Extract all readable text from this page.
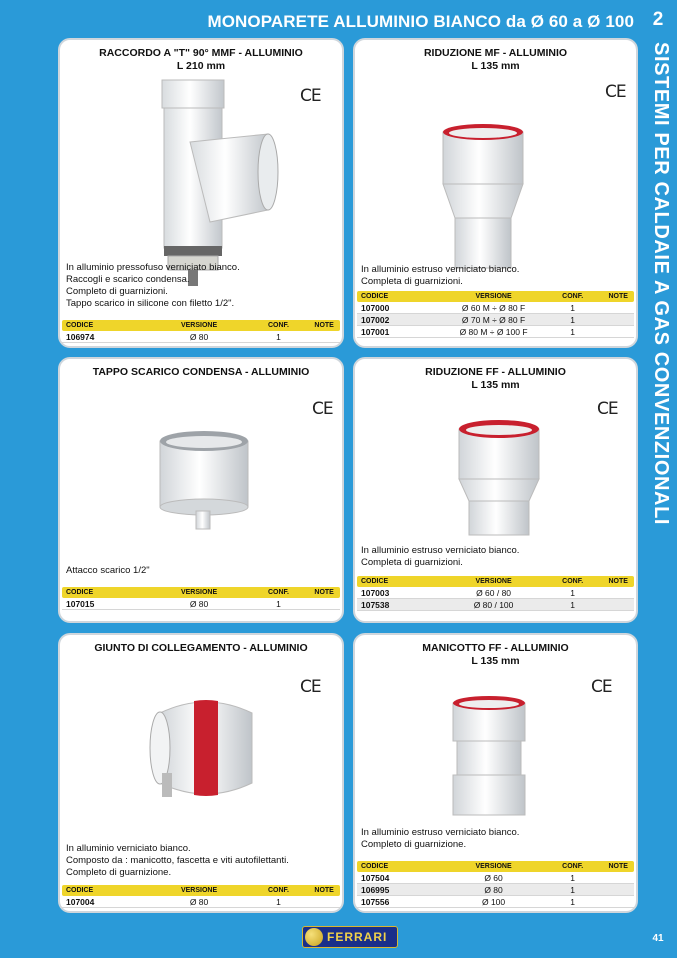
MONOPARETE ALLUMINIO BIANCO da Ø 60 a Ø 100 2
SISTEMI PER CALDAIE A GAS CONVENZIONALI
RACCORDO A "T" 90° MMF - ALLUMINIO
L 210 mm
CE
In alluminio pressofuso verniciato bianco.
Raccogli e scarico condensa.
Completo di guarnizioni.
Tappo scarico in silicone con filetto 1/2".
CODICE	VERSIONE	CONF.	NOTE
106974	Ø 80	1
RIDUZIONE MF - ALLUMINIO
L 135 mm
CE
In alluminio estruso verniciato bianco.
Completa di guarnizioni.
CODICE	VERSIONE	CONF.	NOTE
107000	Ø 60 M ÷ Ø 80 F	1
107002	Ø 70 M ÷ Ø 80 F	1
107001	Ø 80 M ÷ Ø 100 F	1
TAPPO SCARICO CONDENSA - ALLUMINIO
CE
Attacco scarico 1/2"
CODICE	VERSIONE	CONF.	NOTE
107015	Ø 80	1
RIDUZIONE FF - ALLUMINIO
L 135 mm
CE
In alluminio estruso verniciato bianco.
Completa di guarnizioni.
CODICE	VERSIONE	CONF.	NOTE
107003	Ø 60 / 80	1
107538	Ø 80 / 100	1
GIUNTO DI COLLEGAMENTO - ALLUMINIO
CE
In alluminio verniciato bianco.
Composto da : manicotto, fascetta e viti autofilettanti.
Completo di guarnizione.
CODICE	VERSIONE	CONF.	NOTE
107004	Ø 80	1
MANICOTTO FF - ALLUMINIO
L 135 mm
CE
In alluminio estruso verniciato bianco.
Completo di guarnizione.
CODICE	VERSIONE	CONF.	NOTE
107504	Ø 60	1
106995	Ø 80	1
107556	Ø 100	1
FERRARI	41
